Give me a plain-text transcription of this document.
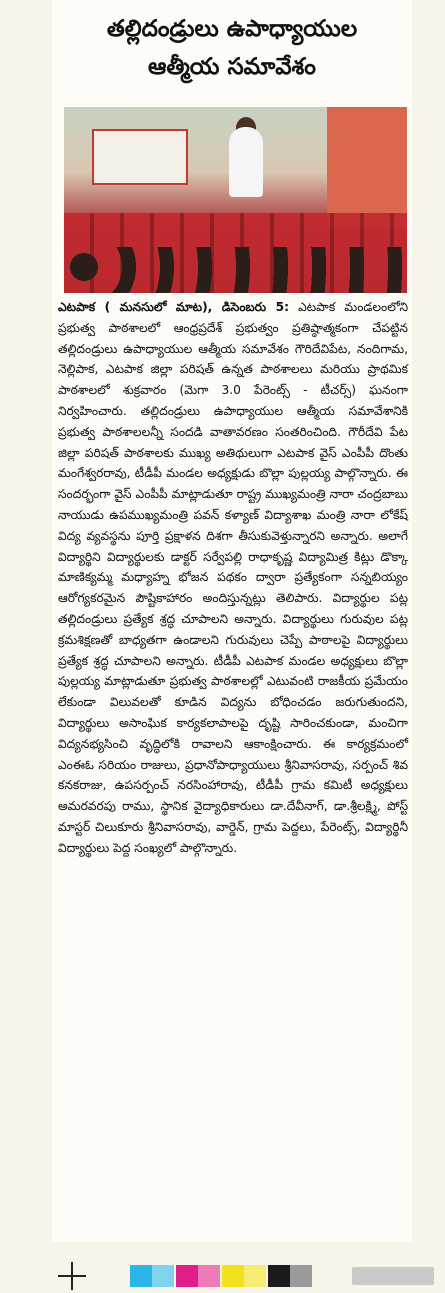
తల్లిదండ్రులు ఉపాధ్యాయుల
ఆత్మీయ సమావేశం
ఎటపాక ( మనసులో మాట), డిసెంబరు 5: ఎటపాక మండలంలోని ప్రభుత్వ పాఠశాలలో ఆంధ్రప్రదేశ్ ప్రభుత్వం ప్రతిష్ఠాత్మకంగా చేపట్టిన తల్లిదండ్రులు ఉపాధ్యాయుల ఆత్మీయ సమావేశం గౌరిదేవిపేట, నందిగామ, నెల్లిపాక, ఎటపాక జిల్లా పరిషత్ ఉన్నత పాఠశాలలు మరియు ప్రాథమిక పాఠశాలలో శుక్రవారం (మెగా 3.0 పేరెంట్స్ - టీచర్స్) ఘనంగా నిర్వహించారు. తల్లిదండ్రులు ఉపాధ్యాయుల ఆత్మీయ సమావేశానికి ప్రభుత్వ పాఠశాలలన్నీ సందడి వాతావరణం సంతరించింది. గౌరీదేవి పేట జిల్లా పరిషత్ పాఠశాలకు ముఖ్య అతిథులుగా ఎటపాక వైస్ ఎంపీపీ దొంతు మంగేశ్వరరావు, టీడీపీ మండల అధ్యక్షుడు బొల్లా పుల్లయ్య పాల్గొన్నారు. ఈ సందర్భంగా వైస్ ఎంపీపీ మాట్లాడుతూ రాష్ట్ర ముఖ్యమంత్రి నారా చంద్రబాబు నాయుడు ఉపముఖ్యమంత్రి పవన్ కళ్యాణ్ విద్యాశాఖ మంత్రి నారా లోకేష్ విద్య వ్యవస్థను పూర్తి ప్రక్షాళన దిశగా తీసుకువెళ్తున్నారని అన్నారు. అలాగే విద్యార్థిని విద్యార్థులకు డాక్టర్ సర్వేపల్లి రాధాకృష్ణ విద్యామిత్ర కిట్లు డొక్కా మాణిక్యమ్మ మధ్యాహ్న భోజన పథకం ద్వారా ప్రత్యేకంగా సన్నబియ్యం ఆరోగ్యకరమైన పౌష్టికాహారం అందిస్తున్నట్లు తెలిపారు. విద్యార్థుల పట్ల తల్లిదండ్రులు ప్రత్యేక శ్రద్ధ చూపాలని అన్నారు. విద్యార్థులు గురువుల పట్ల క్రమశిక్షణతో బాధ్యతగా ఉండాలని గురువులు చెప్పే పాఠాలపై విద్యార్థులు ప్రత్యేక శ్రద్ధ చూపాలని అన్నారు. టీడీపీ ఎటపాక మండల అధ్యక్షులు బొల్లా పుల్లయ్య మాట్లాడుతూ ప్రభుత్వ పాఠశాలల్లో ఎటువంటి రాజకీయ ప్రమేయం లేకుండా విలువలతో కూడిన విద్యను బోధించడం జరుగుతుందని, విద్యార్థులు అసాంఘిక కార్యకలాపాలపై దృష్టి సారించకుండా, మంచిగా విద్యనభ్యసించి వృద్ధిలోకి రావాలని ఆకాంక్షించారు. ఈ కార్యక్రమంలో ఎంఈఓ సరియం రాజులు, ప్రధానోపాధ్యాయులు శ్రీనివాసరావు, సర్పంచ్ శివ కనకరాజు, ఉపసర్పంచ్ నరసింహారావు, టీడీపీ గ్రామ కమిటీ అధ్యక్షులు అమరవరపు రాము, స్థానిక వైద్యాధికారులు డా.దేవీనాగ్, డా.శ్రీలక్ష్మి, పోస్ట్ మాస్టర్ చిలుకూరు శ్రీనివాసరావు, వార్డెన్, గ్రామ పెద్దలు, పేరెంట్స్, విద్యార్థినీ విద్యార్థులు పెద్ద సంఖ్యలో పాల్గొన్నారు.
